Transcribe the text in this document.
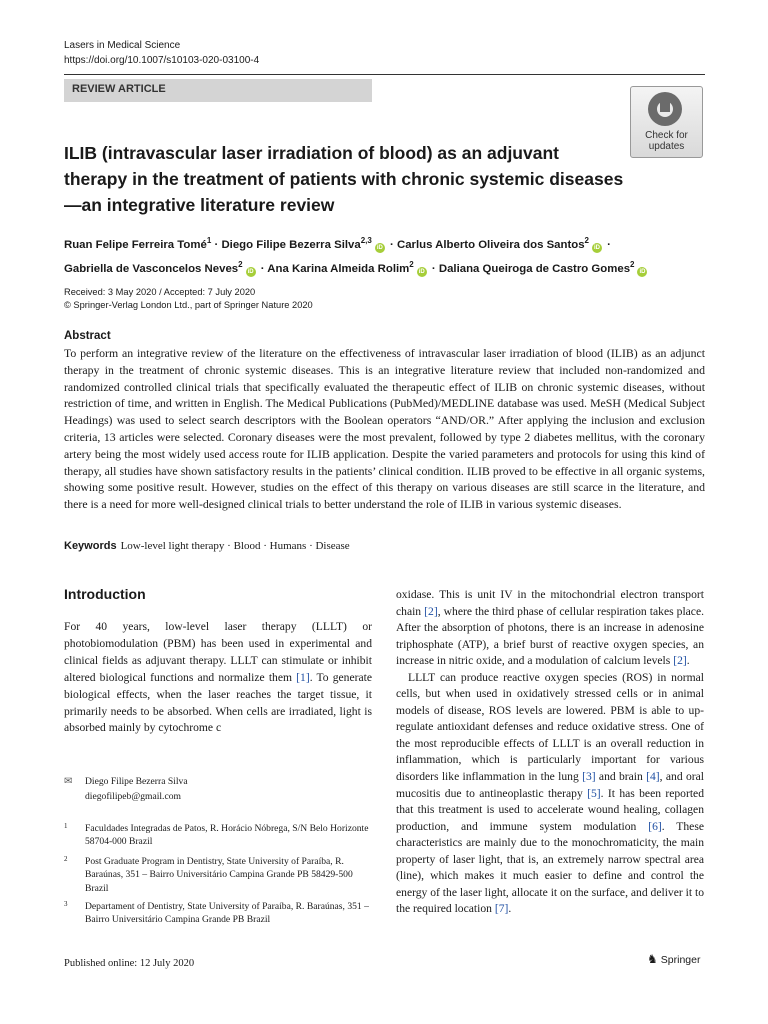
Lasers in Medical Science
https://doi.org/10.1007/s10103-020-03100-4
REVIEW ARTICLE
Check for
updates
ILIB (intravascular laser irradiation of blood) as an adjuvant therapy in the treatment of patients with chronic systemic diseases—an integrative literature review
Ruan Felipe Ferreira Tomé$^1$ · Diego Filipe Bezerra Silva$^{2,3}$iD · Carlus Alberto Oliveira dos Santos$^2$iD ·
Gabriella de Vasconcelos Neves$^2$iD · Ana Karina Almeida Rolim$^2$iD · Daliana Queiroga de Castro Gomes$^2$iD
Received: 3 May 2020 / Accepted: 7 July 2020
© Springer-Verlag London Ltd., part of Springer Nature 2020
Abstract
To perform an integrative review of the literature on the effectiveness of intravascular laser irradiation of blood (ILIB) as an adjunct therapy in the treatment of chronic systemic diseases. This is an integrative literature review that included non-randomized and randomized controlled clinical trials that specifically evaluated the therapeutic effect of ILIB on chronic systemic diseases, without restriction of time, and written in English. The Medical Publications (PubMed)/MEDLINE database was used. MeSH (Medical Subject Headings) was used to select search descriptors with the Boolean operators “AND/OR.” After applying the inclusion and exclusion criteria, 13 articles were selected. Coronary diseases were the most prevalent, followed by type 2 diabetes mellitus, with the coronary artery being the most widely used access route for ILIB application. Despite the varied parameters and protocols for using this kind of therapy, all studies have shown satisfactory results in the patients’ clinical condition. ILIB proved to be effective in all organic systems, showing some positive result. However, studies on the effect of this therapy on various diseases are still scarce in the literature, and there is a need for more well-designed clinical trials to better understand the role of ILIB in various systemic diseases.
Keywords Low-level light therapy · Blood · Humans · Disease
Introduction

For 40 years, low-level laser therapy (LLLT) or photobiomodulation (PBM) has been used in experimental and clinical fields as adjuvant therapy. LLLT can stimulate or inhibit altered biological functions and normalize them [1]. To generate biological effects, when the laser reaches the target tissue, it primarily needs to be absorbed. When cells are irradiated, light is absorbed mainly by cytochrome c

oxidase. This is unit IV in the mitochondrial electron transport chain [2], where the third phase of cellular respiration takes place. After the absorption of photons, there is an increase in adenosine triphosphate (ATP), a brief burst of reactive oxygen species, an increase in nitric oxide, and a modulation of calcium levels [2].

LLLT can produce reactive oxygen species (ROS) in normal cells, but when used in oxidatively stressed cells or in animal models of disease, ROS levels are lowered. PBM is able to up-regulate antioxidant defenses and reduce oxidative stress. One of the most reproducible effects of LLLT is an overall reduction in inflammation, which is particularly important for various disorders like inflammation in the lung [3] and brain [4], and oral mucositis due to antineoplastic therapy [5]. It has been reported that this treatment is used to accelerate wound healing, collagen production, and immune system modulation [6]. These characteristics are mainly due to the monochromaticity, the main property of laser light, that is, an extremely narrow spectral area (line), which makes it much easier to define and control the energy of the laser light, allocate it on the surface, and deliver it to the required location [7].

✉ Diego Filipe Bezerra Silva
diegofilipeb@gmail.com
1 Faculdades Integradas de Patos, R. Horácio Nóbrega, S/N Belo Horizonte 58704-000 Brazil
2 Post Graduate Program in Dentistry, State University of Paraíba, R. Baraúnas, 351 – Bairro Universitário Campina Grande PB 58429-500 Brazil
3 Departament of Dentistry, State University of Paraíba, R. Baraúnas, 351 – Bairro Universitário Campina Grande PB Brazil
Published online: 12 July 2020	♞ Springer
